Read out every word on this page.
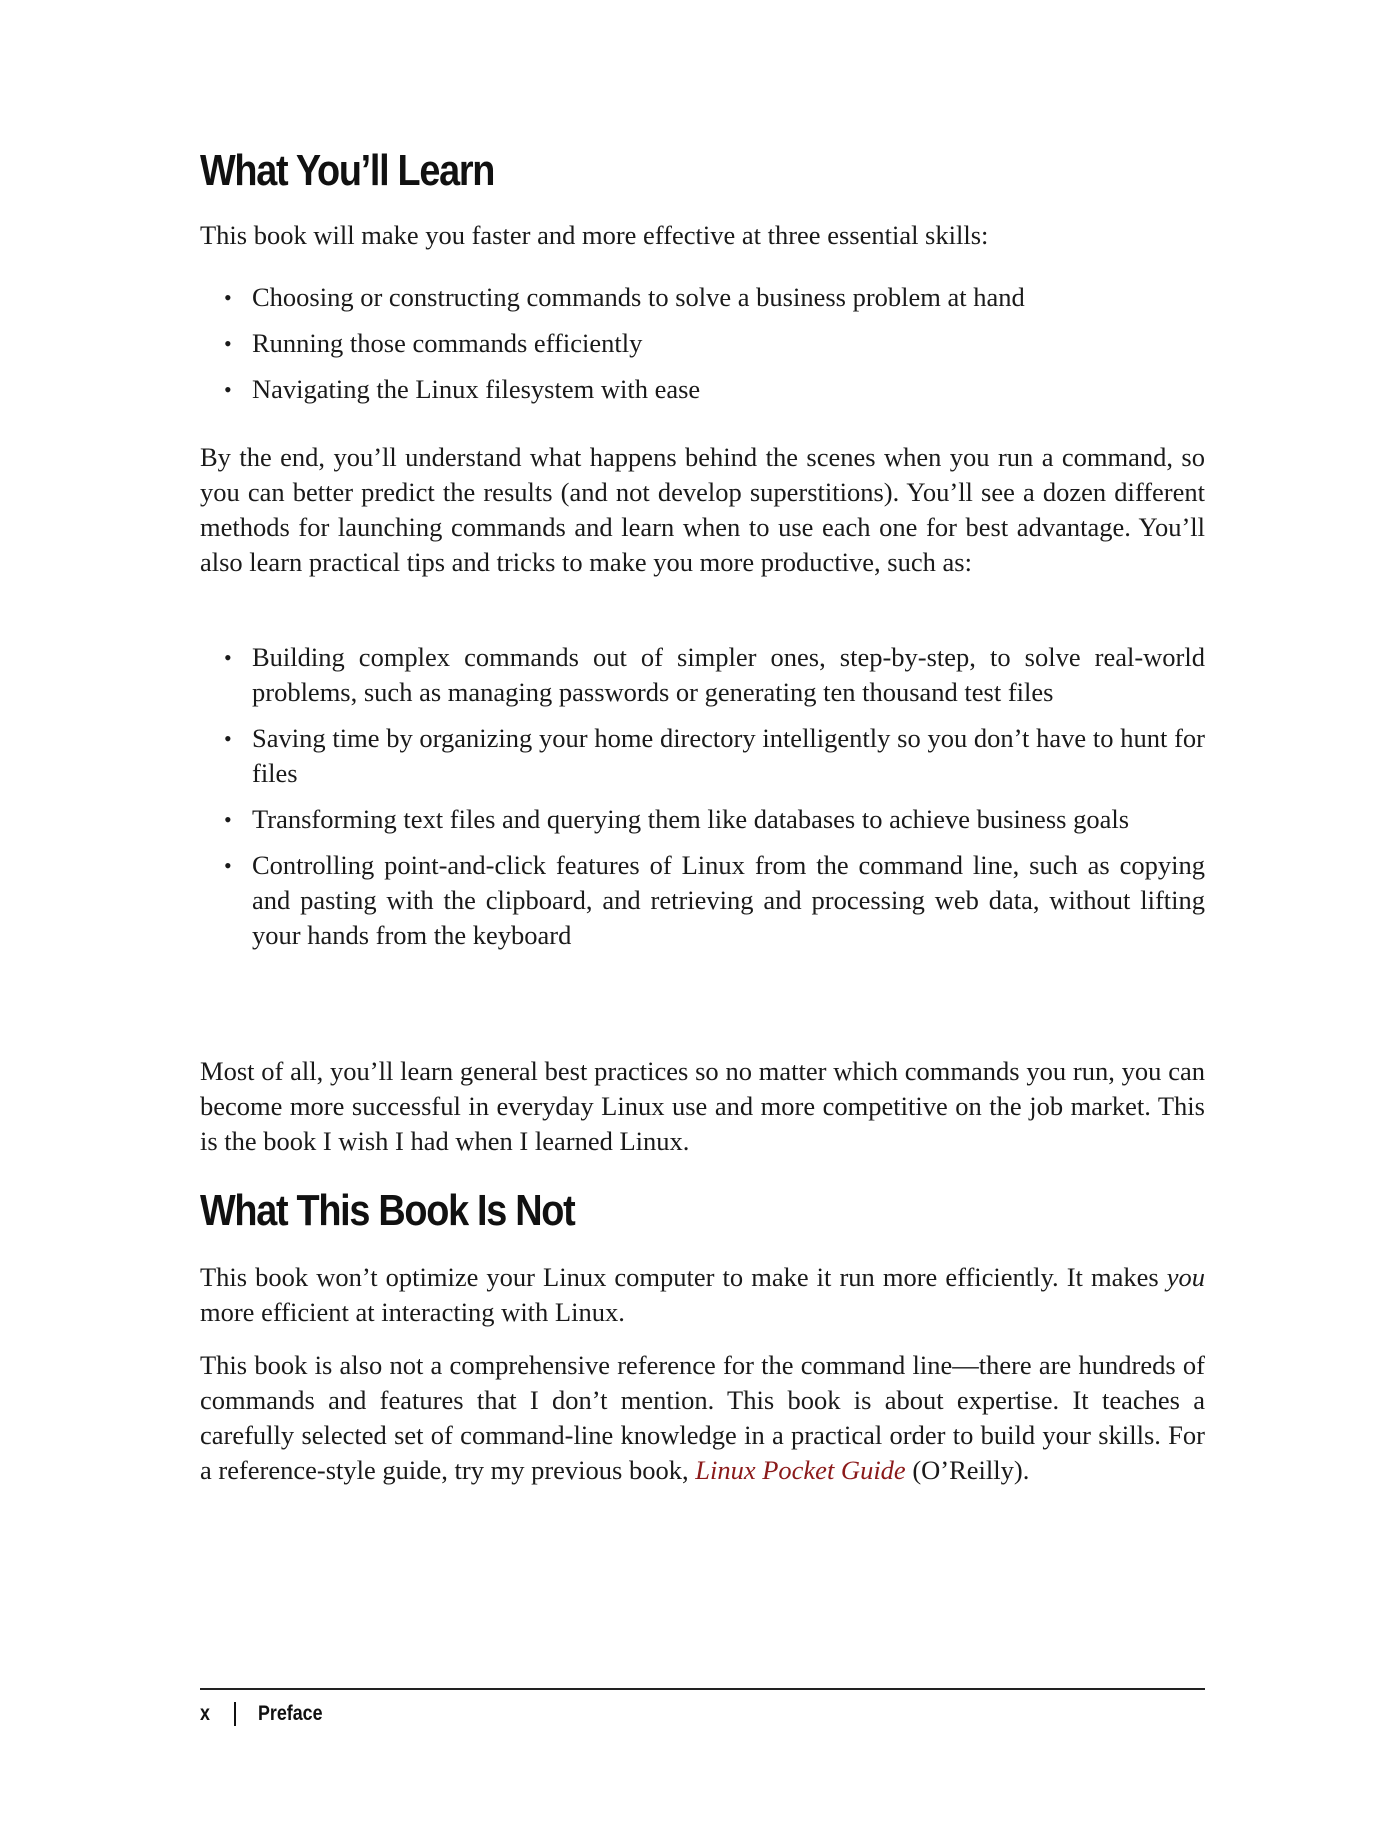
What You’ll Learn

This book will make you faster and more effective at three essential skills:

• Choosing or constructing commands to solve a business problem at hand
• Running those commands efficiently
• Navigating the Linux filesystem with ease

By the end, you’ll understand what happens behind the scenes when you run a command, so you can better predict the results (and not develop superstitions). You’ll see a dozen different methods for launching commands and learn when to use each one for best advantage. You’ll also learn practical tips and tricks to make you more productive, such as:

• Building complex commands out of simpler ones, step-by-step, to solve real-world problems, such as managing passwords or generating ten thousand test files
• Saving time by organizing your home directory intelligently so you don’t have to hunt for files
• Transforming text files and querying them like databases to achieve business goals
• Controlling point-and-click features of Linux from the command line, such as copying and pasting with the clipboard, and retrieving and processing web data, without lifting your hands from the keyboard

Most of all, you’ll learn general best practices so no matter which commands you run, you can become more successful in everyday Linux use and more competitive on the job market. This is the book I wish I had when I learned Linux.

What This Book Is Not

This book won’t optimize your Linux computer to make it run more efficiently. It makes you more efficient at interacting with Linux.

This book is also not a comprehensive reference for the command line—there are hundreds of commands and features that I don’t mention. This book is about expertise. It teaches a carefully selected set of command-line knowledge in a practical order to build your skills. For a reference-style guide, try my previous book, Linux Pocket Guide (O’Reilly).

x Preface
